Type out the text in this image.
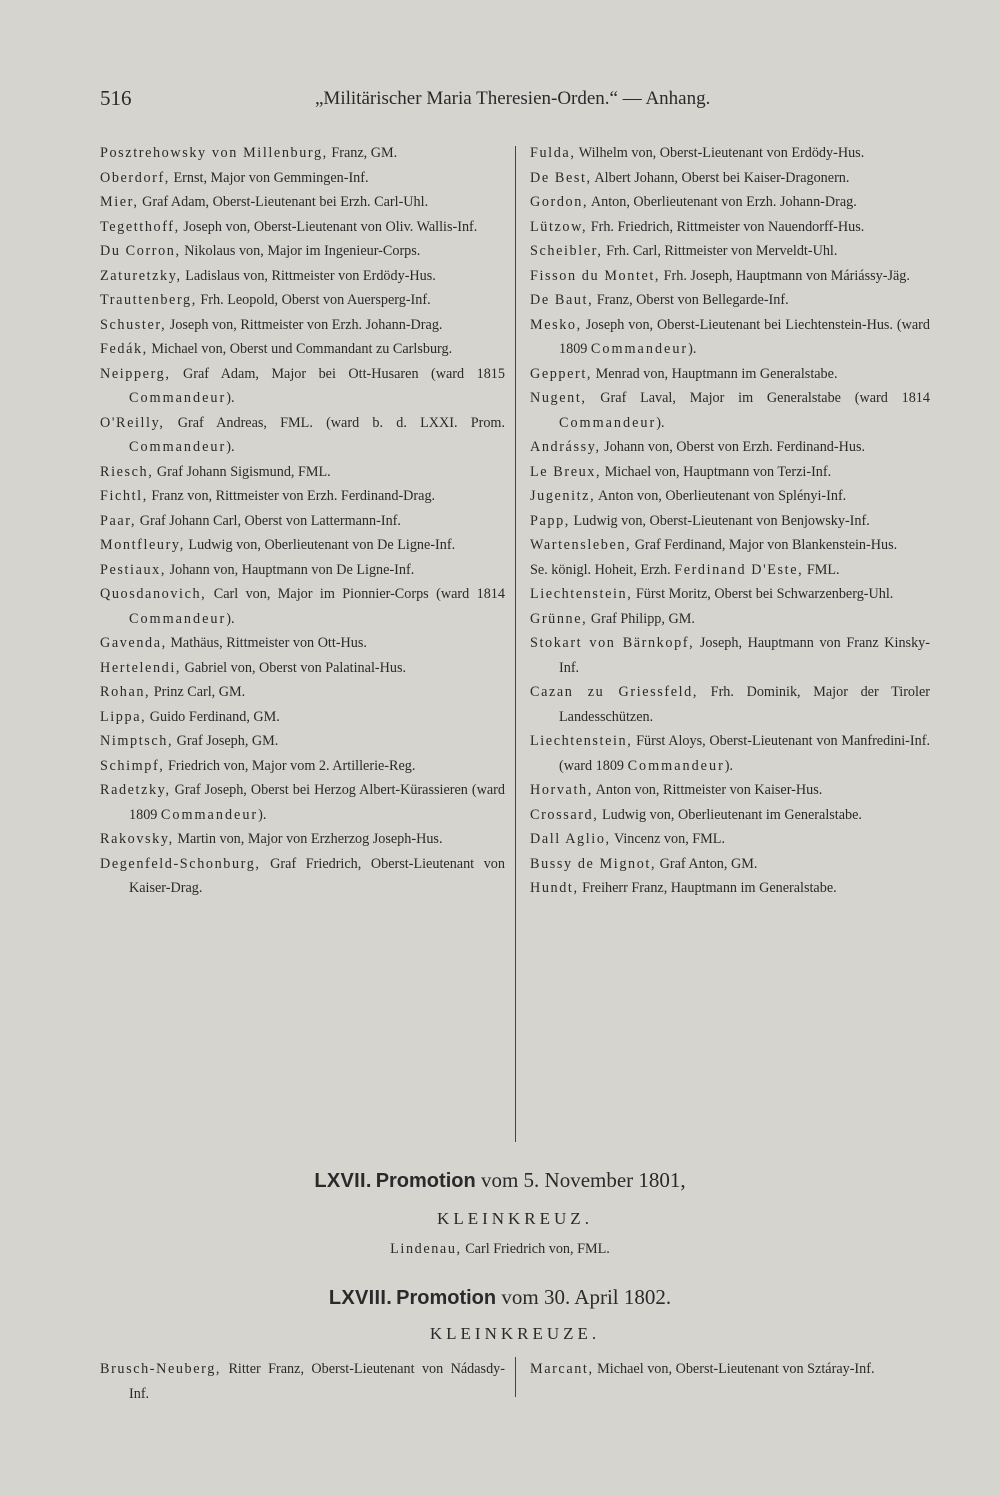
516	„Militärischer Maria Theresien-Orden.“ — Anhang.

Posztrehowsky von Millenburg, Franz, GM.

Oberdorf, Ernst, Major von Gemmingen-Inf.

Mier, Graf Adam, Oberst-Lieutenant bei Erzh. Carl-Uhl.

Tegetthoff, Joseph von, Oberst-Lieutenant von Oliv. Wallis-Inf.

Du Corron, Nikolaus von, Major im Ingenieur-Corps.

Zaturetzky, Ladislaus von, Rittmeister von Erdödy-Hus.

Trauttenberg, Frh. Leopold, Oberst von Auersperg-Inf.

Schuster, Joseph von, Rittmeister von Erzh. Johann-Drag.

Fedák, Michael von, Oberst und Commandant zu Carlsburg.

Neipperg, Graf Adam, Major bei Ott-Husaren (ward 1815 Commandeur).

O'Reilly, Graf Andreas, FML. (ward b. d. LXXI. Prom. Commandeur).

Riesch, Graf Johann Sigismund, FML.

Fichtl, Franz von, Rittmeister von Erzh. Ferdinand-Drag.

Paar, Graf Johann Carl, Oberst von Lattermann-Inf.

Montfleury, Ludwig von, Oberlieutenant von De Ligne-Inf.

Pestiaux, Johann von, Hauptmann von De Ligne-Inf.

Quosdanovich, Carl von, Major im Pionnier-Corps (ward 1814 Commandeur).

Gavenda, Mathäus, Rittmeister von Ott-Hus.

Hertelendi, Gabriel von, Oberst von Palatinal-Hus.

Rohan, Prinz Carl, GM.

Lippa, Guido Ferdinand, GM.

Nimptsch, Graf Joseph, GM.

Schimpf, Friedrich von, Major vom 2. Artillerie-Reg.

Radetzky, Graf Joseph, Oberst bei Herzog Albert-Kürassieren (ward 1809 Commandeur).

Rakovsky, Martin von, Major von Erzherzog Joseph-Hus.

Degenfeld-Schonburg, Graf Friedrich, Oberst-Lieutenant von Kaiser-Drag.

Fulda, Wilhelm von, Oberst-Lieutenant von Erdödy-Hus.

De Best, Albert Johann, Oberst bei Kaiser-Dragonern.

Gordon, Anton, Oberlieutenant von Erzh. Johann-Drag.

Lützow, Frh. Friedrich, Rittmeister von Nauendorff-Hus.

Scheibler, Frh. Carl, Rittmeister von Merveldt-Uhl.

Fisson du Montet, Frh. Joseph, Hauptmann von Máriássy-Jäg.

De Baut, Franz, Oberst von Bellegarde-Inf.

Mesko, Joseph von, Oberst-Lieutenant bei Liechtenstein-Hus. (ward 1809 Commandeur).

Geppert, Menrad von, Hauptmann im Generalstabe.

Nugent, Graf Laval, Major im Generalstabe (ward 1814 Commandeur).

Andrássy, Johann von, Oberst von Erzh. Ferdinand-Hus.

Le Breux, Michael von, Hauptmann von Terzi-Inf.

Jugenitz, Anton von, Oberlieutenant von Splényi-Inf.

Papp, Ludwig von, Oberst-Lieutenant von Benjowsky-Inf.

Wartensleben, Graf Ferdinand, Major von Blankenstein-Hus.

Se. königl. Hoheit, Erzh. Ferdinand D'Este, FML.

Liechtenstein, Fürst Moritz, Oberst bei Schwarzenberg-Uhl.

Grünne, Graf Philipp, GM.

Stokart von Bärnkopf, Joseph, Hauptmann von Franz Kinsky-Inf.

Cazan zu Griessfeld, Frh. Dominik, Major der Tiroler Landesschützen.

Liechtenstein, Fürst Aloys, Oberst-Lieutenant von Manfredini-Inf. (ward 1809 Commandeur).

Horvath, Anton von, Rittmeister von Kaiser-Hus.

Crossard, Ludwig von, Oberlieutenant im Generalstabe.

Dall Aglio, Vincenz von, FML.

Bussy de Mignot, Graf Anton, GM.

Hundt, Freiherr Franz, Hauptmann im Generalstabe.

LXVII. Promotion vom 5. November 1801,
KLEINKREUZ.
Lindenau, Carl Friedrich von, FML.
LXVIII. Promotion vom 30. April 1802.
KLEINKREUZE.

Brusch-Neuberg, Ritter Franz, Oberst-Lieutenant von Nádasdy-Inf.

Marcant, Michael von, Oberst-Lieutenant von Sztáray-Inf.
